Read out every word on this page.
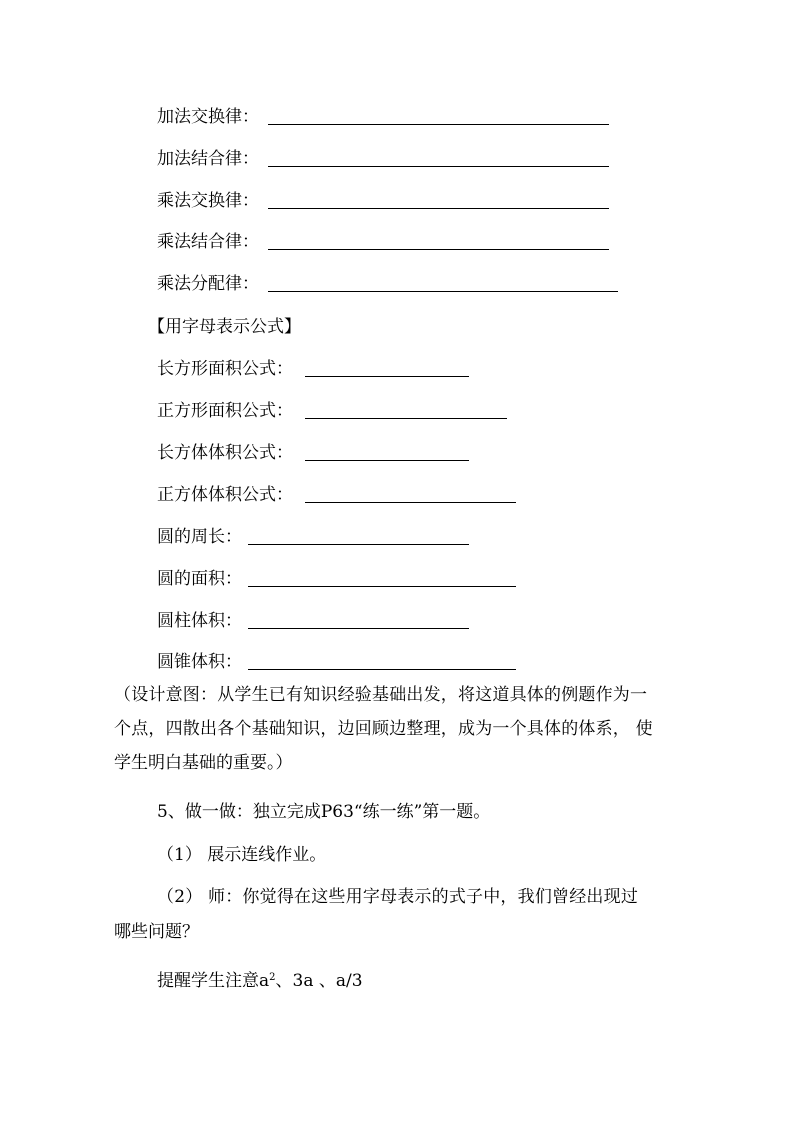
加法交换律：
加法结合律：
乘法交换律：
乘法结合律：
乘法分配律：
【用字母表示公式】
长方形面积公式：
正方形面积公式：
长方体体积公式：
正方体体积公式：
圆的周长：
圆的面积：
圆柱体积：
圆锥体积：
（设计意图：从学生已有知识经验基础出发，将这道具体的例题作为一
个点，四散出各个基础知识，边回顾边整理，成为一个具体的体系， 使
学生明白基础的重要。）
5、做一做：独立完成P63“练一练”第一题。
（1） 展示连线作业。
（2） 师：你觉得在这些用字母表示的式子中，我们曾经出现过
哪些问题？
提醒学生注意$a^2$、3a 、a/3
